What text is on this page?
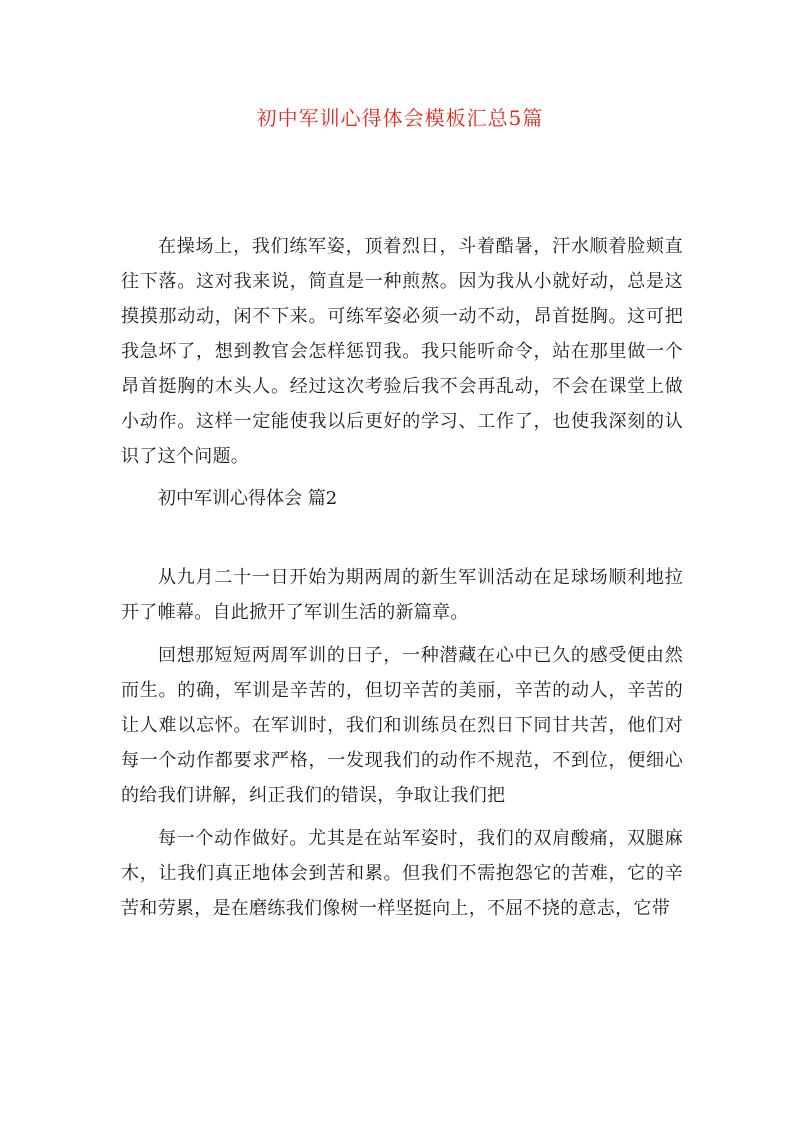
初中军训心得体会模板汇总5篇

在操场上，我们练军姿，顶着烈日，斗着酷暑，汗水顺着脸颊直往下落。这对我来说，简直是一种煎熬。因为我从小就好动，总是这摸摸那动动，闲不下来。可练军姿必须一动不动，昂首挺胸。这可把我急坏了，想到教官会怎样惩罚我。我只能听命令，站在那里做一个昂首挺胸的木头人。经过这次考验后我不会再乱动，不会在课堂上做小动作。这样一定能使我以后更好的学习、工作了，也使我深刻的认识了这个问题。

初中军训心得体会 篇2

从九月二十一日开始为期两周的新生军训活动在足球场顺利地拉开了帷幕。自此掀开了军训生活的新篇章。

回想那短短两周军训的日子，一种潜藏在心中已久的感受便由然而生。的确，军训是辛苦的，但切辛苦的美丽，辛苦的动人，辛苦的让人难以忘怀。在军训时，我们和训练员在烈日下同甘共苦，他们对每一个动作都要求严格，一发现我们的动作不规范，不到位，便细心的给我们讲解，纠正我们的错误，争取让我们把

每一个动作做好。尤其是在站军姿时，我们的双肩酸痛，双腿麻木，让我们真正地体会到苦和累。但我们不需抱怨它的苦难，它的辛苦和劳累，是在磨练我们像树一样坚挺向上，不屈不挠的意志，它带
